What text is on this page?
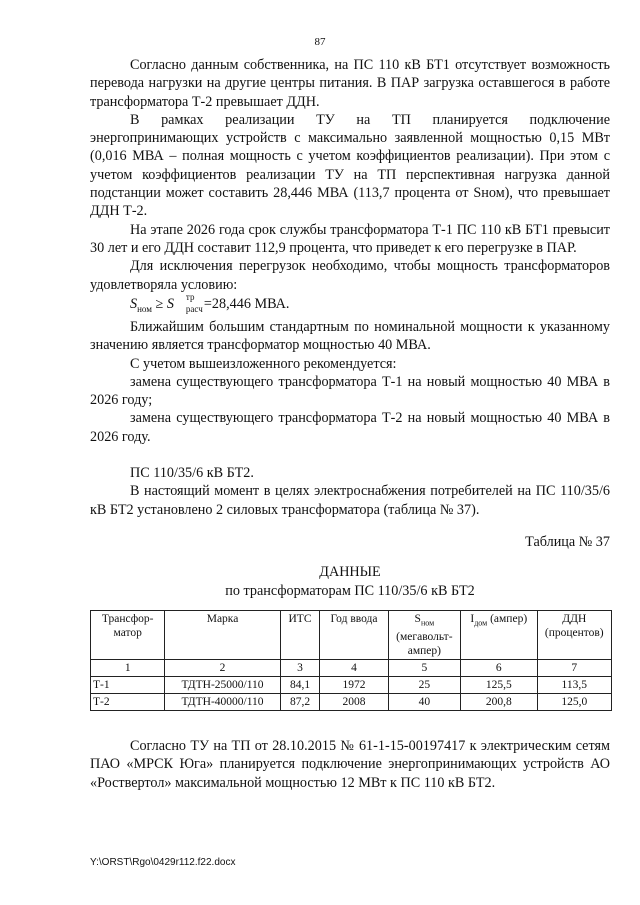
87

Согласно данным собственника, на ПС 110 кВ БТ1 отсутствует возможность перевода нагрузки на другие центры питания. В ПАР загрузка оставшегося в работе трансформатора Т-2 превышает ДДН.

В рамках реализации ТУ на ТП планируется подключение энергопринимающих устройств с максимально заявленной мощностью 0,15 МВт (0,016 МВА – полная мощность с учетом коэффициентов реализации). При этом с учетом коэффициентов реализации ТУ на ТП перспективная нагрузка данной подстанции может составить 28,446 МВА (113,7 процента от Sном), что превышает ДДН Т-2.

На этапе 2026 года срок службы трансформатора Т-1 ПС 110 кВ БТ1 превысит 30 лет и его ДДН составит 112,9 процента, что приведет к его перегрузке в ПАР.

Для исключения перегрузок необходимо, чтобы мощность трансформаторов удовлетворяла условию:

$S_{ном} \ge S$ тр
расч =28,446 МВА.

Ближайшим большим стандартным по номинальной мощности к указанному значению является трансформатор мощностью 40 МВА.

С учетом вышеизложенного рекомендуется:

замена существующего трансформатора Т-1 на новый мощностью 40 МВА в 2026 году;

замена существующего трансформатора Т-2 на новый мощностью 40 МВА в 2026 году.

ПС 110/35/6 кВ БТ2.

В настоящий момент в целях электроснабжения потребителей на ПС 110/35/6 кВ БТ2 установлено 2 силовых трансформатора (таблица № 37).

Таблица № 37

ДАННЫЕ

по трансформаторам ПС 110/35/6 кВ БТ2

Трансфор-матор	Марка	ИТС	Год ввода	$S_{ном}$ (мегавольт-ампер)	$I_{дом}$ (ампер)	ДДН (процентов)
1	2	3	4	5	6	7
Т-1	ТДТН-25000/110	84,1	1972	25	125,5	113,5
Т-2	ТДТН-40000/110	87,2	2008	40	200,8	125,0

Согласно ТУ на ТП от 28.10.2015 № 61-1-15-00197417 к электрическим сетям ПАО «МРСК Юга» планируется подключение энергопринимающих устройств АО «Роствертол» максимальной мощностью 12 МВт к ПС 110 кВ БТ2.

Y:\ORST\Rgo\0429r112.f22.docx
